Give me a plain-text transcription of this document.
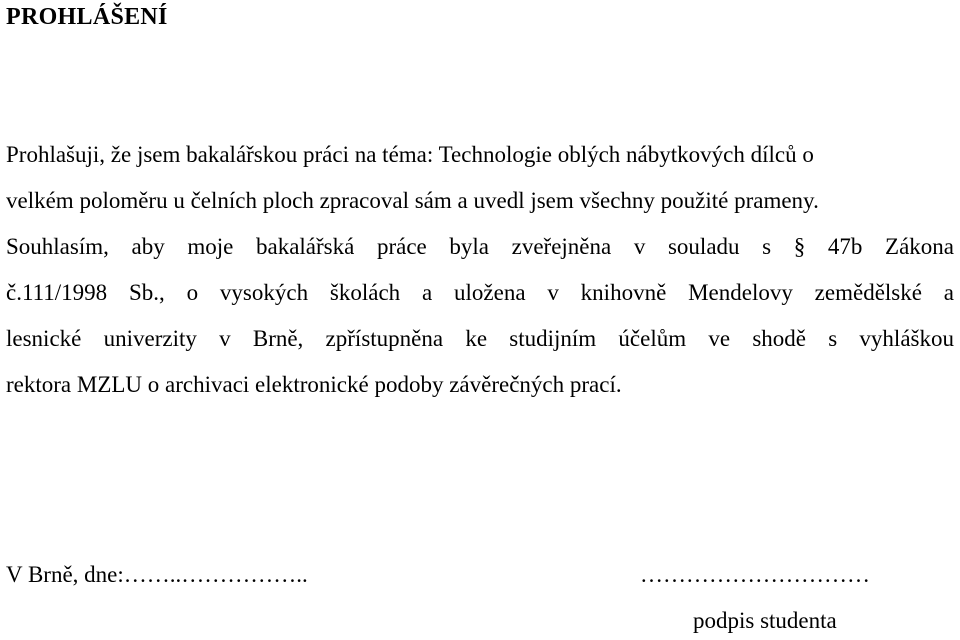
PROHLÁŠENÍ
Prohlašuji, že jsem bakalářskou práci na téma: Technologie oblých nábytkových dílců o
velkém poloměru u čelních ploch zpracoval sám a uvedl jsem všechny použité prameny.
Souhlasím, aby moje bakalářská práce byla zveřejněna v souladu s § 47b Zákona
č.111/1998 Sb., o vysokých školách a uložena v knihovně Mendelovy zemědělské a
lesnické univerzity v Brně, zpřístupněna ke studijním účelům ve shodě s vyhláškou
rektora MZLU o archivaci elektronické podoby závěrečných prací.
V Brně, dne:……..……………..	…………………………
podpis studenta
